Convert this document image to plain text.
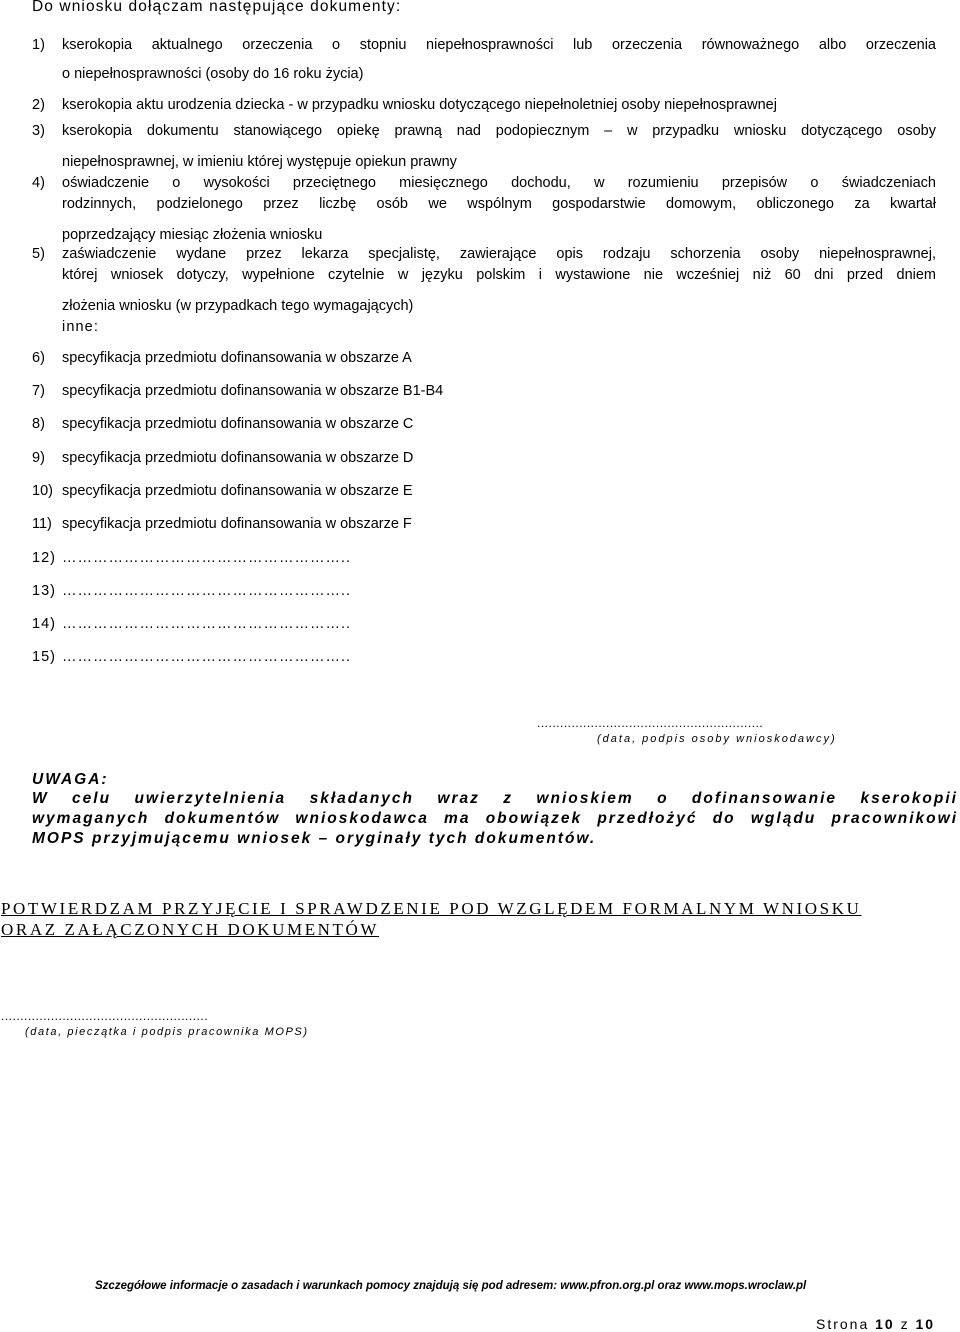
Do wniosku dołączam następujące dokumenty:
1) kserokopia aktualnego orzeczenia o stopniu niepełnosprawności lub orzeczenia równoważnego albo orzeczenia
o niepełnosprawności (osoby do 16 roku życia)
2) kserokopia aktu urodzenia dziecka - w przypadku wniosku dotyczącego niepełnoletniej osoby niepełnosprawnej
3) kserokopia dokumentu stanowiącego opiekę prawną nad podopiecznym – w przypadku wniosku dotyczącego osoby
niepełnosprawnej, w imieniu której występuje opiekun prawny
4) oświadczenie o wysokości przeciętnego miesięcznego dochodu, w rozumieniu przepisów o świadczeniach
rodzinnych, podzielonego przez liczbę osób we wspólnym gospodarstwie domowym, obliczonego za kwartał
poprzedzający miesiąc złożenia wniosku
5) zaświadczenie wydane przez lekarza specjalistę, zawierające opis rodzaju schorzenia osoby niepełnosprawnej,
której wniosek dotyczy, wypełnione czytelnie w języku polskim i wystawione nie wcześniej niż 60 dni przed dniem
złożenia wniosku (w przypadkach tego wymagających)
inne:
6) specyfikacja przedmiotu dofinansowania w obszarze A
7) specyfikacja przedmiotu dofinansowania w obszarze B1-B4
8) specyfikacja przedmiotu dofinansowania w obszarze C
9) specyfikacja przedmiotu dofinansowania w obszarze D
10) specyfikacja przedmiotu dofinansowania w obszarze E
11) specyfikacja przedmiotu dofinansowania w obszarze F
12) ………………………………………………..
13) ………………………………………………..
14) ………………………………………………..
15) ………………………………………………..
...........................................................
(data, podpis osoby wnioskodawcy)
UWAGA:
W celu uwierzytelnienia składanych wraz z wnioskiem o dofinansowanie kserokopii
wymaganych dokumentów wnioskodawca ma obowiązek przedłożyć do wglądu pracownikowi
MOPS przyjmującemu wniosek – oryginały tych dokumentów.
POTWIERDZAM PRZYJĘCIE I SPRAWDZENIE POD WZGLĘDEM FORMALNYM WNIOSKU
ORAZ ZAŁĄCZONYCH DOKUMENTÓW
......................................................
(data, pieczątka i podpis pracownika MOPS)
Szczegółowe informacje o zasadach i warunkach pomocy znajdują się pod adresem: www.pfron.org.pl oraz www.mops.wroclaw.pl
Strona 10 z 10
